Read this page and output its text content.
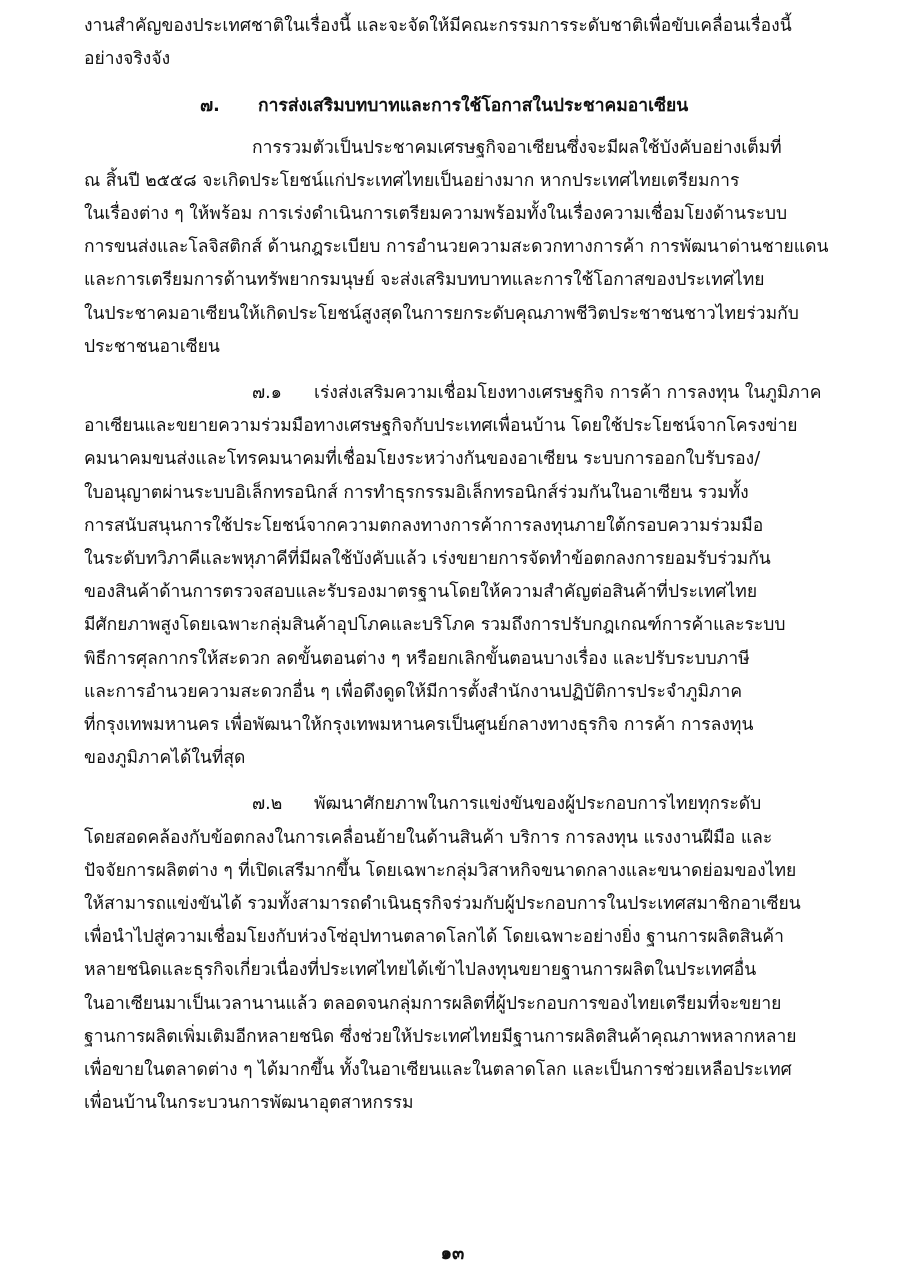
งานสำคัญของประเทศชาติในเรื่องนี้ และจะจัดให้มีคณะกรรมการระดับชาติเพื่อขับเคลื่อนเรื่องนี้
อย่างจริงจัง
๗. การส่งเสริมบทบาทและการใช้โอกาสในประชาคมอาเซียน
การรวมตัวเป็นประชาคมเศรษฐกิจอาเซียนซึ่งจะมีผลใช้บังคับอย่างเต็มที่
ณ สิ้นปี ๒๕๕๘ จะเกิดประโยชน์แก่ประเทศไทยเป็นอย่างมาก หากประเทศไทยเตรียมการ
ในเรื่องต่าง ๆ ให้พร้อม การเร่งดำเนินการเตรียมความพร้อมทั้งในเรื่องความเชื่อมโยงด้านระบบ
การขนส่งและโลจิสติกส์ ด้านกฎระเบียบ การอำนวยความสะดวกทางการค้า การพัฒนาด่านชายแดน
และการเตรียมการด้านทรัพยากรมนุษย์ จะส่งเสริมบทบาทและการใช้โอกาสของประเทศไทย
ในประชาคมอาเซียนให้เกิดประโยชน์สูงสุดในการยกระดับคุณภาพชีวิตประชาชนชาวไทยร่วมกับ
ประชาชนอาเซียน
๗.๑ เร่งส่งเสริมความเชื่อมโยงทางเศรษฐกิจ การค้า การลงทุน ในภูมิภาค
อาเซียนและขยายความร่วมมือทางเศรษฐกิจกับประเทศเพื่อนบ้าน โดยใช้ประโยชน์จากโครงข่าย
คมนาคมขนส่งและโทรคมนาคมที่เชื่อมโยงระหว่างกันของอาเซียน ระบบการออกใบรับรอง/
ใบอนุญาตผ่านระบบอิเล็กทรอนิกส์ การทำธุรกรรมอิเล็กทรอนิกส์ร่วมกันในอาเซียน รวมทั้ง
การสนับสนุนการใช้ประโยชน์จากความตกลงทางการค้าการลงทุนภายใต้กรอบความร่วมมือ
ในระดับทวิภาคีและพหุภาคีที่มีผลใช้บังคับแล้ว เร่งขยายการจัดทำข้อตกลงการยอมรับร่วมกัน
ของสินค้าด้านการตรวจสอบและรับรองมาตรฐานโดยให้ความสำคัญต่อสินค้าที่ประเทศไทย
มีศักยภาพสูงโดยเฉพาะกลุ่มสินค้าอุปโภคและบริโภค รวมถึงการปรับกฎเกณฑ์การค้าและระบบ
พิธีการศุลกากรให้สะดวก ลดขั้นตอนต่าง ๆ หรือยกเลิกขั้นตอนบางเรื่อง และปรับระบบภาษี
และการอำนวยความสะดวกอื่น ๆ เพื่อดึงดูดให้มีการตั้งสำนักงานปฏิบัติการประจำภูมิภาค
ที่กรุงเทพมหานคร เพื่อพัฒนาให้กรุงเทพมหานครเป็นศูนย์กลางทางธุรกิจ การค้า การลงทุน
ของภูมิภาคได้ในที่สุด
๗.๒ พัฒนาศักยภาพในการแข่งขันของผู้ประกอบการไทยทุกระดับ
โดยสอดคล้องกับข้อตกลงในการเคลื่อนย้ายในด้านสินค้า บริการ การลงทุน แรงงานฝีมือ และ
ปัจจัยการผลิตต่าง ๆ ที่เปิดเสรีมากขึ้น โดยเฉพาะกลุ่มวิสาหกิจขนาดกลางและขนาดย่อมของไทย
ให้สามารถแข่งขันได้ รวมทั้งสามารถดำเนินธุรกิจร่วมกับผู้ประกอบการในประเทศสมาชิกอาเซียน
เพื่อนำไปสู่ความเชื่อมโยงกับห่วงโซ่อุปทานตลาดโลกได้ โดยเฉพาะอย่างยิ่ง ฐานการผลิตสินค้า
หลายชนิดและธุรกิจเกี่ยวเนื่องที่ประเทศไทยได้เข้าไปลงทุนขยายฐานการผลิตในประเทศอื่น
ในอาเซียนมาเป็นเวลานานแล้ว ตลอดจนกลุ่มการผลิตที่ผู้ประกอบการของไทยเตรียมที่จะขยาย
ฐานการผลิตเพิ่มเติมอีกหลายชนิด ซึ่งช่วยให้ประเทศไทยมีฐานการผลิตสินค้าคุณภาพหลากหลาย
เพื่อขายในตลาดต่าง ๆ ได้มากขึ้น ทั้งในอาเซียนและในตลาดโลก และเป็นการช่วยเหลือประเทศ
เพื่อนบ้านในกระบวนการพัฒนาอุตสาหกรรม
๑๓
